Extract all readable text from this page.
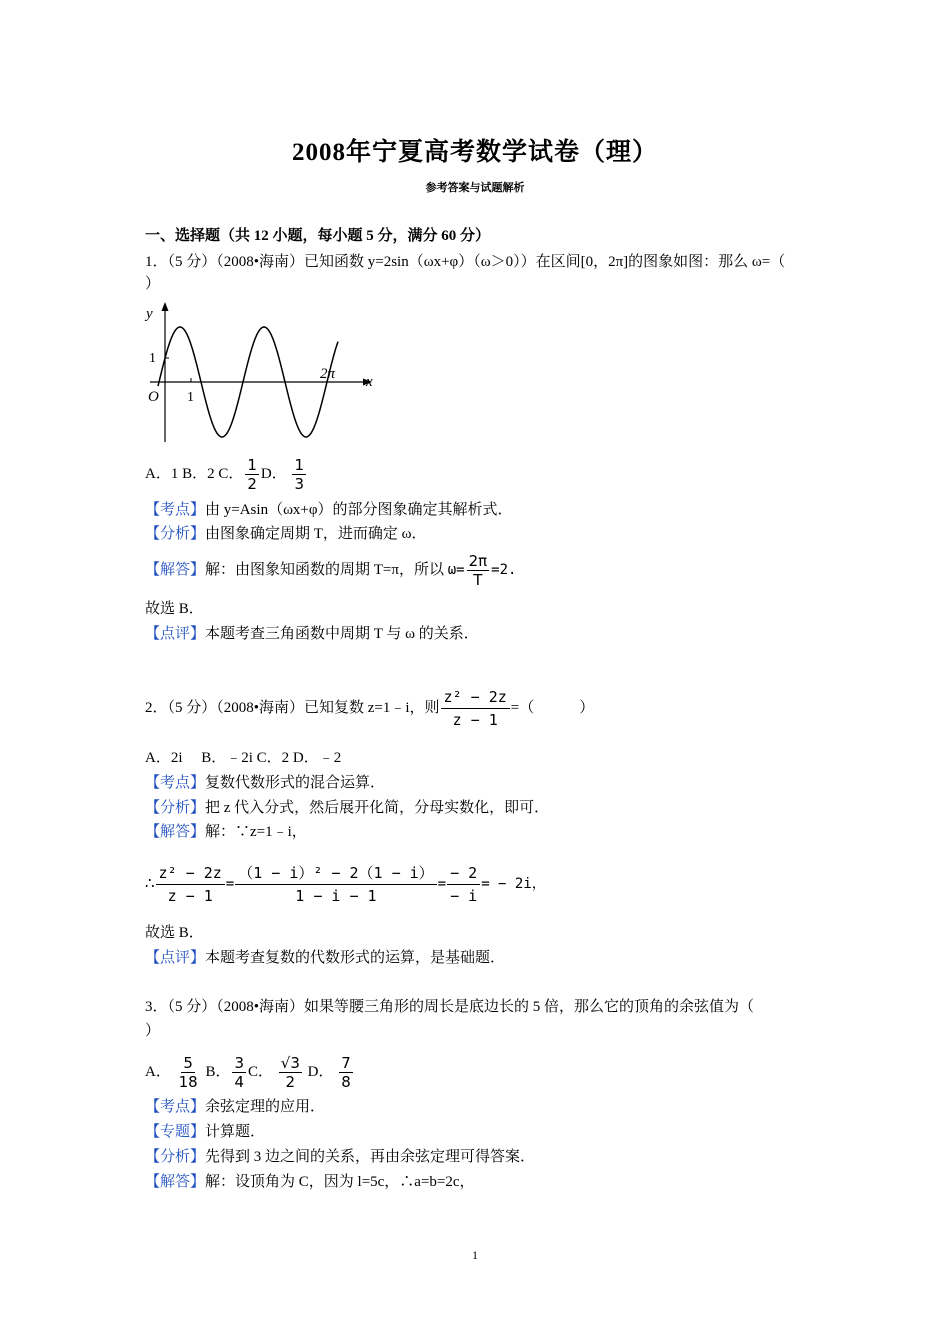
2008年宁夏高考数学试卷（理）
参考答案与试题解析
一、选择题（共 12 小题，每小题 5 分，满分 60 分）
1．（5 分）（2008•海南）已知函数 y=2sin（ωx+φ）（ω＞0））在区间[0，2π]的图象如图：那么 ω=（
）
y
x
O
1
1
2π
A．1 B．2 C． $\frac{1}{2}$ D． $\frac{1}{3}$
【考点】由 y=Asin（ωx+φ）的部分图象确定其解析式．
【分析】由图象确定周期 T，进而确定 ω．
【解答】解：由图象知函数的周期 T=π，所以 $\omega= \frac{2\pi}{T} =2$.
故选 B．
【点评】本题考查三角函数中周期 T 与 ω 的关系．
2．（5 分）（2008•海南）已知复数 z=1﹣i，则 $\frac{\text{z² − 2z}}{z - 1}$ =（　　　）
A．2i　 B．﹣2i C．2 D．﹣2
【考点】复数代数形式的混合运算．
【分析】把 z 代入分式，然后展开化简，分母实数化，即可．
【解答】解：∵z=1﹣i，
∴ $\frac{\text{z² − 2z}}{z - 1} = \frac{\text{（1 − i）² − 2（1 − i）}}{1 - i - 1} = \frac{- 2}{- i}$ = − 2i，
故选 B．
【点评】本题考查复数的代数形式的运算，是基础题．
3．（5 分）（2008•海南）如果等腰三角形的周长是底边长的 5 倍，那么它的顶角的余弦值为（
）
A． $\frac{5}{18}$ B． $\frac{3}{4}$ C． $\frac{√3}{2}$ D． $\frac{7}{8}$
【考点】余弦定理的应用．
【专题】计算题．
【分析】先得到 3 边之间的关系，再由余弦定理可得答案．
【解答】解：设顶角为 C，因为 l=5c，∴a=b=2c，
1
